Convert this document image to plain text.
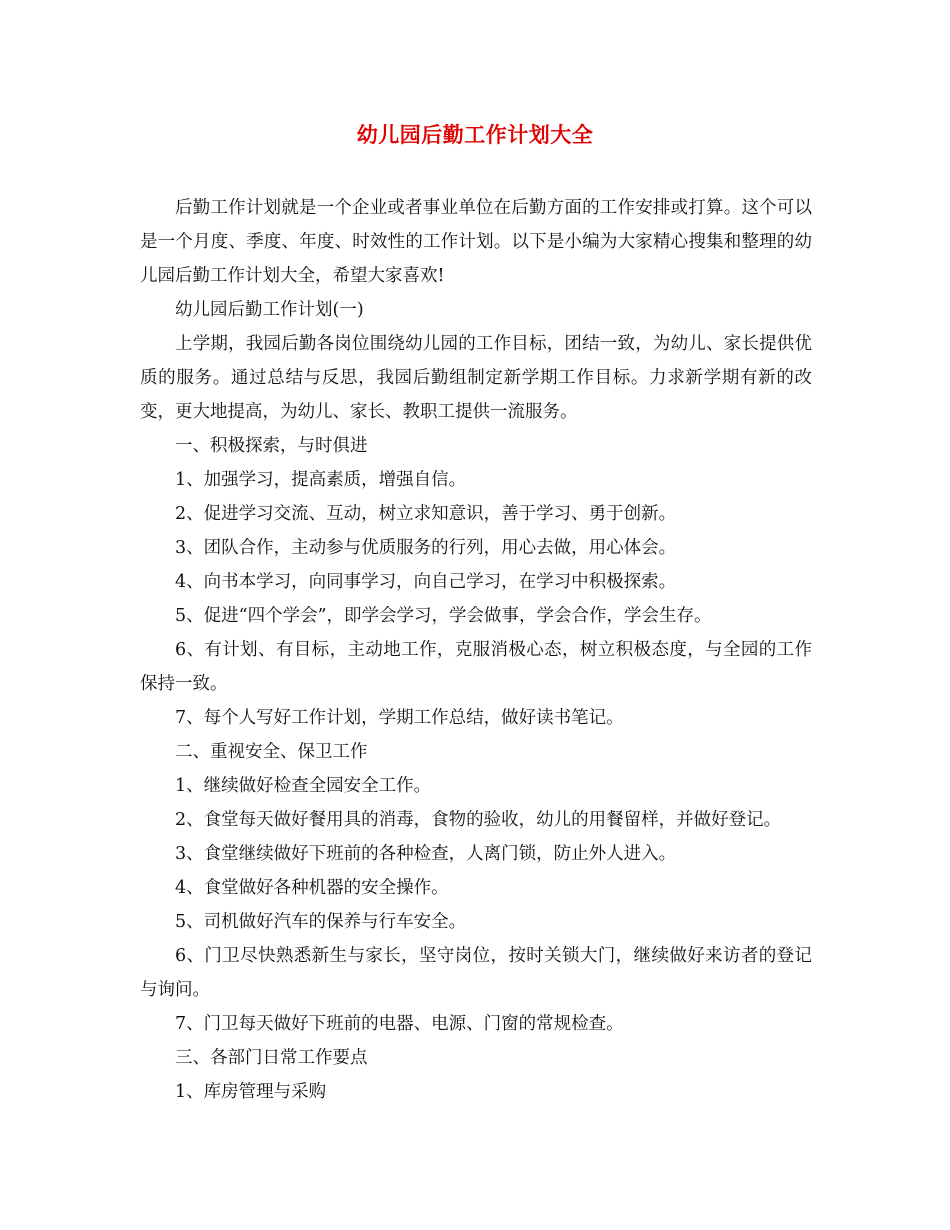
幼儿园后勤工作计划大全

后勤工作计划就是一个企业或者事业单位在后勤方面的工作安排或打算。这个可以是一个月度、季度、年度、时效性的工作计划。以下是小编为大家精心搜集和整理的幼儿园后勤工作计划大全，希望大家喜欢!

幼儿园后勤工作计划(一)

上学期，我园后勤各岗位围绕幼儿园的工作目标，团结一致，为幼儿、家长提供优质的服务。通过总结与反思，我园后勤组制定新学期工作目标。力求新学期有新的改变，更大地提高，为幼儿、家长、教职工提供一流服务。

一、积极探索，与时俱进

1、加强学习，提高素质，增强自信。

2、促进学习交流、互动，树立求知意识，善于学习、勇于创新。

3、团队合作，主动参与优质服务的行列，用心去做，用心体会。

4、向书本学习，向同事学习，向自己学习，在学习中积极探索。

5、促进“四个学会”，即学会学习，学会做事，学会合作，学会生存。

6、有计划、有目标，主动地工作，克服消极心态，树立积极态度，与全园的工作保持一致。

7、每个人写好工作计划，学期工作总结，做好读书笔记。

二、重视安全、保卫工作

1、继续做好检查全园安全工作。

2、食堂每天做好餐用具的消毒，食物的验收，幼儿的用餐留样，并做好登记。

3、食堂继续做好下班前的各种检查，人离门锁，防止外人进入。

4、食堂做好各种机器的安全操作。

5、司机做好汽车的保养与行车安全。

6、门卫尽快熟悉新生与家长，坚守岗位，按时关锁大门，继续做好来访者的登记与询问。

7、门卫每天做好下班前的电器、电源、门窗的常规检查。

三、各部门日常工作要点

1、库房管理与采购
